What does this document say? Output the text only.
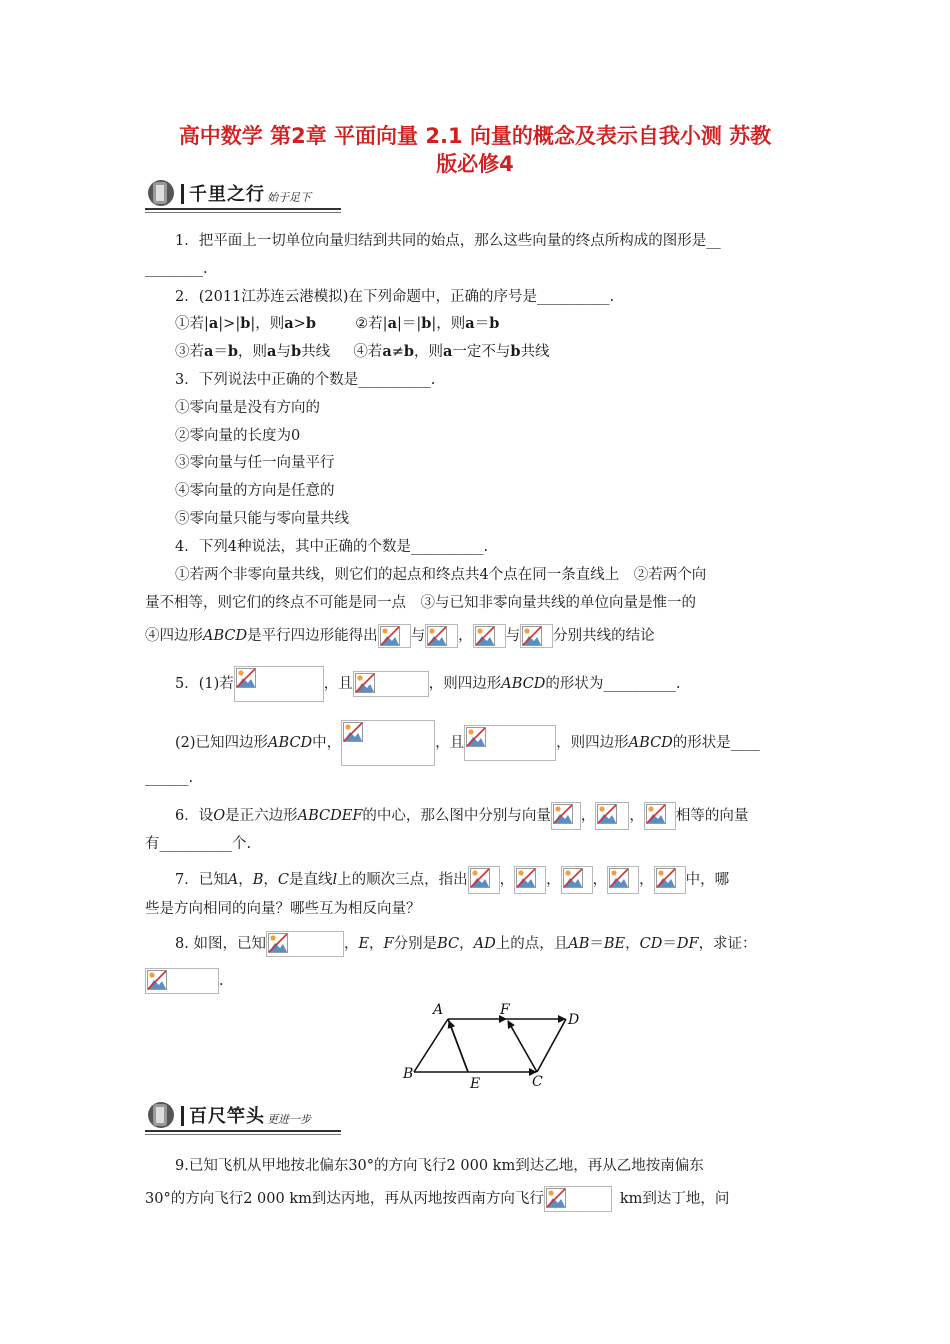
高中数学 第2章 平面向量 2.1 向量的概念及表示自我小测 苏教
版必修4
千里之行 始于足下
1．把平面上一切单位向量归结到共同的始点，那么这些向量的终点所构成的图形是__
________.
2．(2011江苏连云港模拟)在下列命题中，正确的序号是__________.
①若|a|>|b|，则a>b	②若|a|＝|b|，则a＝b
③若a＝b，则a与b共线 ④若a≠b，则a一定不与b共线
3．下列说法中正确的个数是__________.
①零向量是没有方向的
②零向量的长度为0
③零向量与任一向量平行
④零向量的方向是任意的
⑤零向量只能与零向量共线
4．下列4种说法，其中正确的个数是__________.
①若两个非零向量共线，则它们的起点和终点共4个点在同一条直线上　②若两个向
量不相等，则它们的终点不可能是同一点　③与已知非零向量共线的单位向量是惟一的
④四边形ABCD是平行四边形能得出 与 ， 与 分别共线的结论
5．(1)若	，且	，则四边形ABCD的形状为__________.
(2)已知四边形ABCD中，	，且	，则四边形ABCD的形状是____
______.
6．设O是正六边形ABCDEF的中心，那么图中分别与向量 ， ， 相等的向量
有__________个.
7．已知A，B，C是直线l上的顺次三点，指出 ， ， ， ， 中，哪
些是方向相同的向量？哪些互为相反向量？
8. 如图，已知	，E，F分别是BC，AD上的点，且AB＝BE，CD＝DF，求证：
.
A	F
D
B
E	C
百尺竿头 更进一步
9.已知飞机从甲地按北偏东30°的方向飞行2 000 km到达乙地，再从乙地按南偏东
30°的方向飞行2 000 km到达丙地，再从丙地按西南方向飞行	km到达丁地，问
